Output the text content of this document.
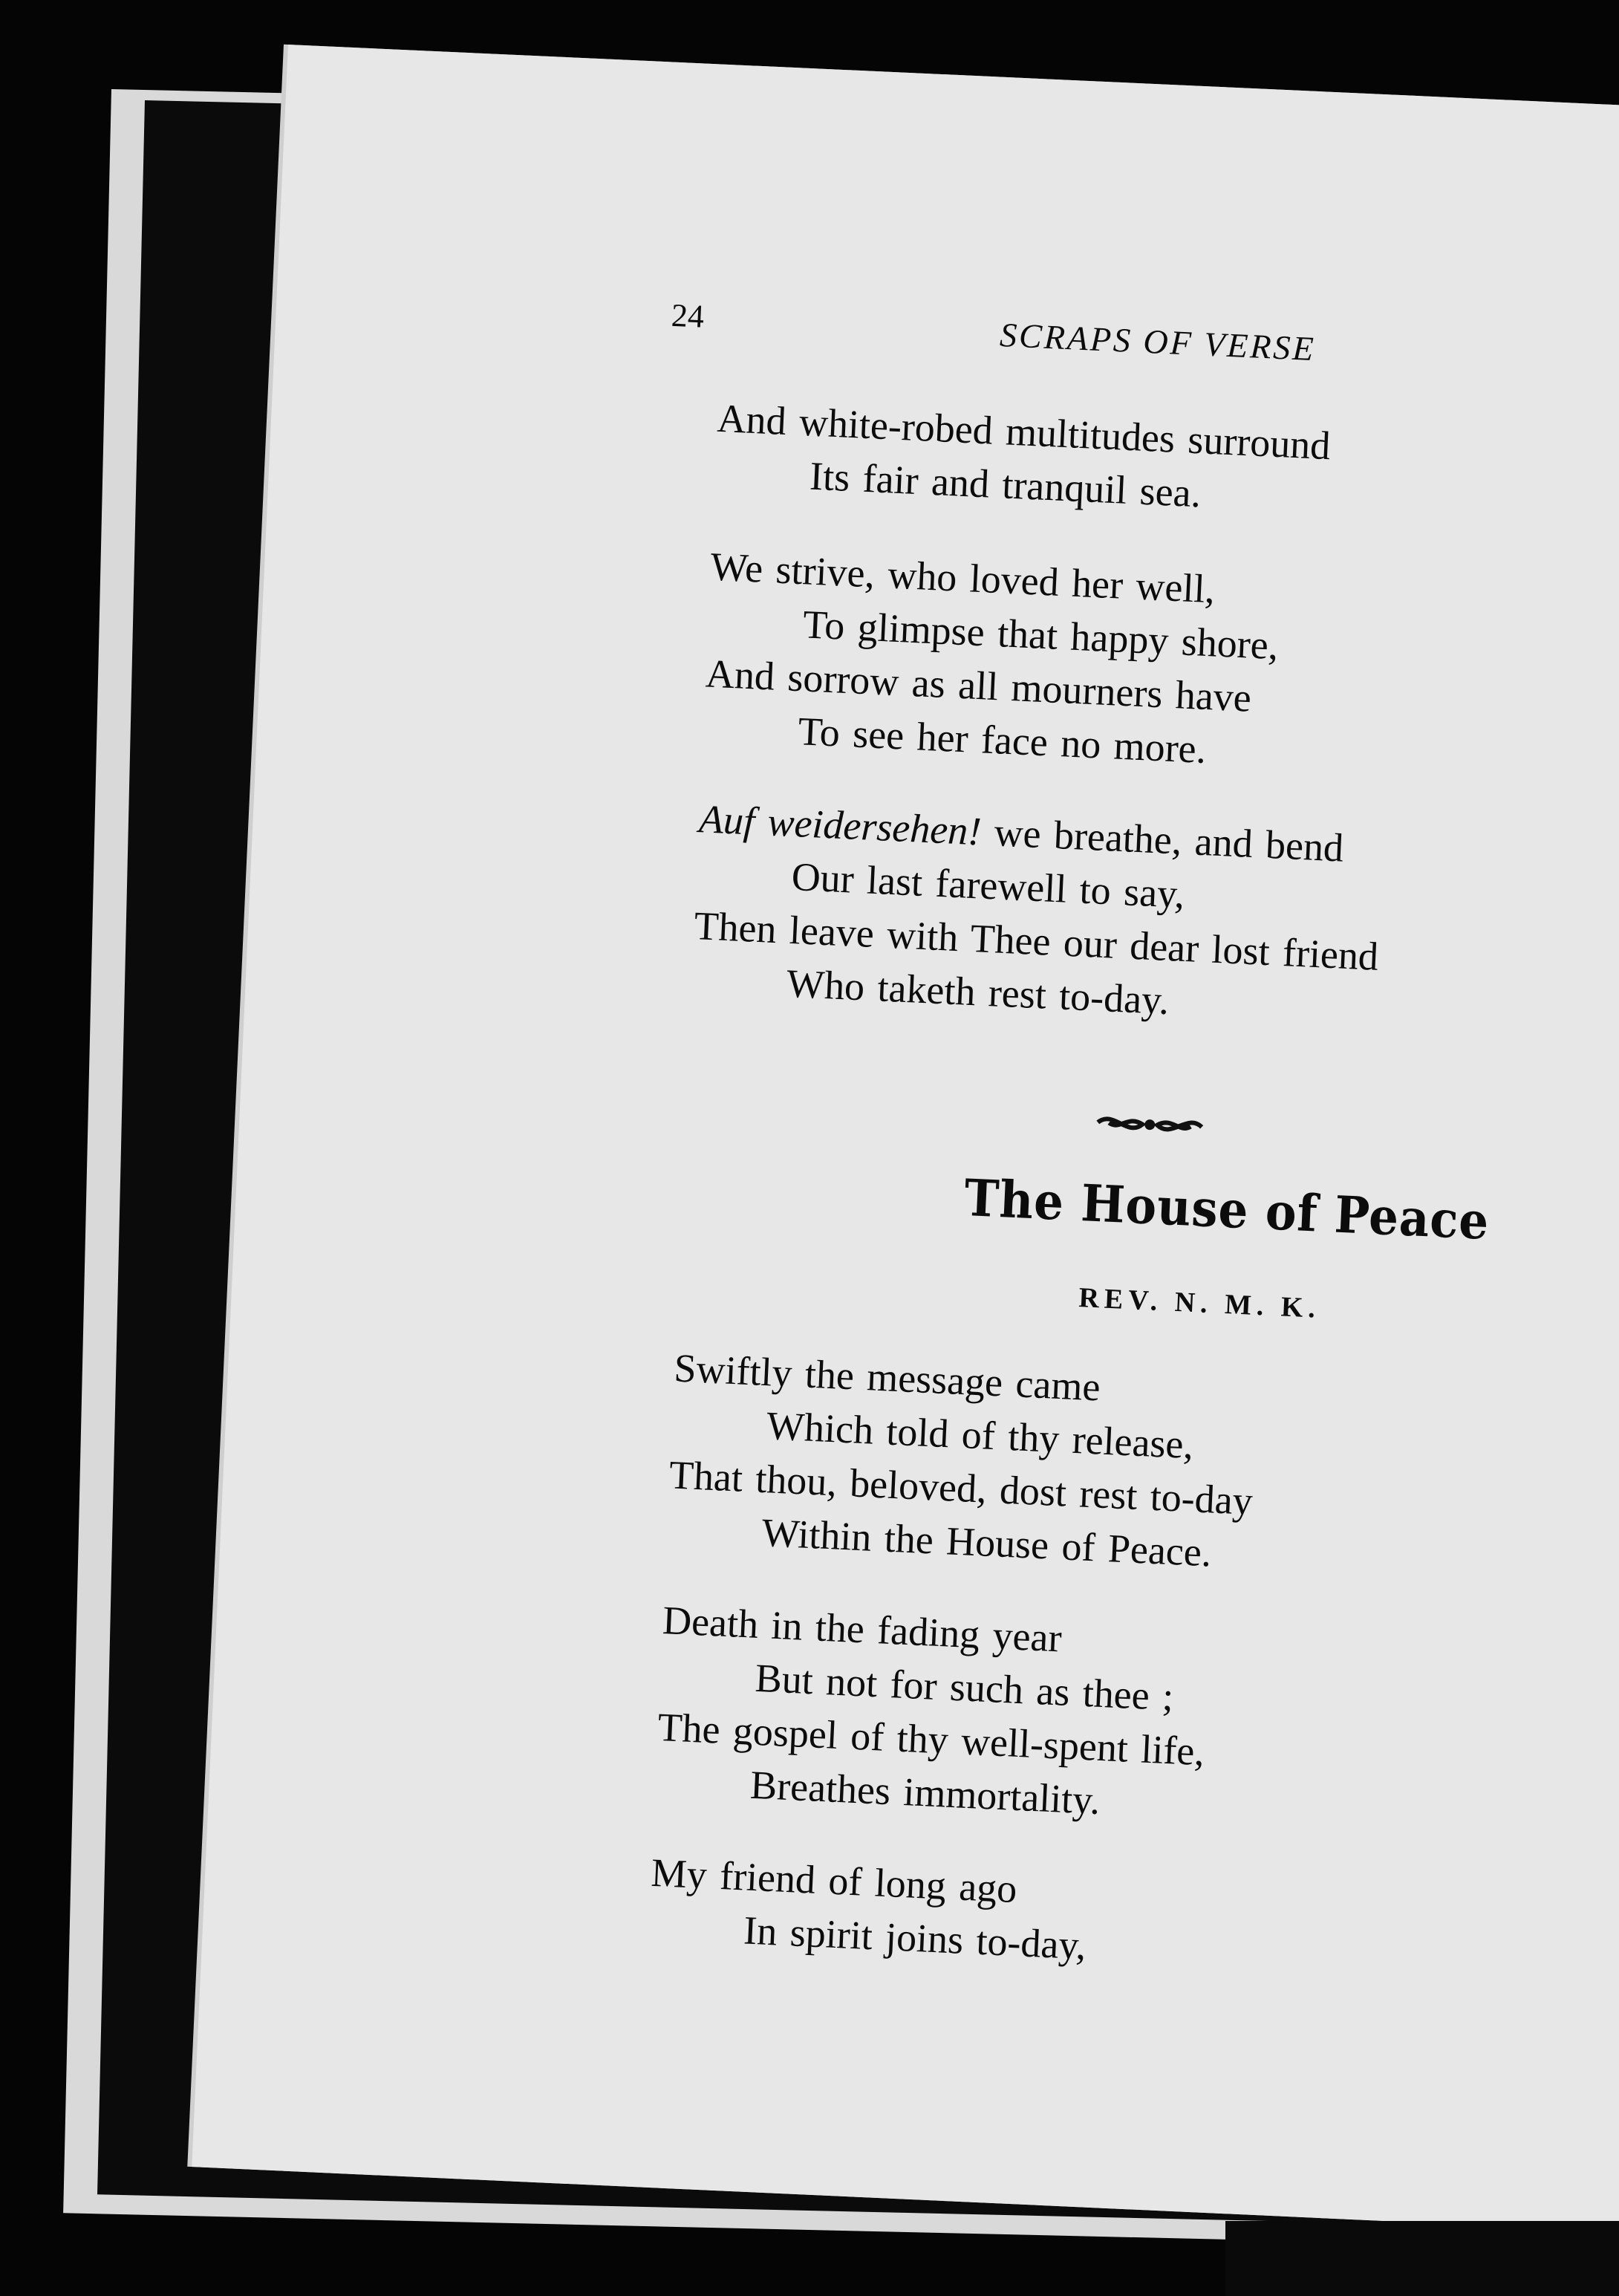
24	SCRAPS OF VERSE
And white-robed multitudes surround
Its fair and tranquil sea.
We strive, who loved her well,
To glimpse that happy shore,
And sorrow as all mourners have
To see her face no more.
Auf weidersehen! we breathe, and bend
Our last farewell to say,
Then leave with Thee our dear lost friend
Who taketh rest to-day.
The House of Peace
REV. N. M. K.
Swiftly the message came
Which told of thy release,
That thou, beloved, dost rest to-day
Within the House of Peace.
Death in the fading year
But not for such as thee ;
The gospel of thy well-spent life,
Breathes immortality.
My friend of long ago
In spirit joins to-day,
